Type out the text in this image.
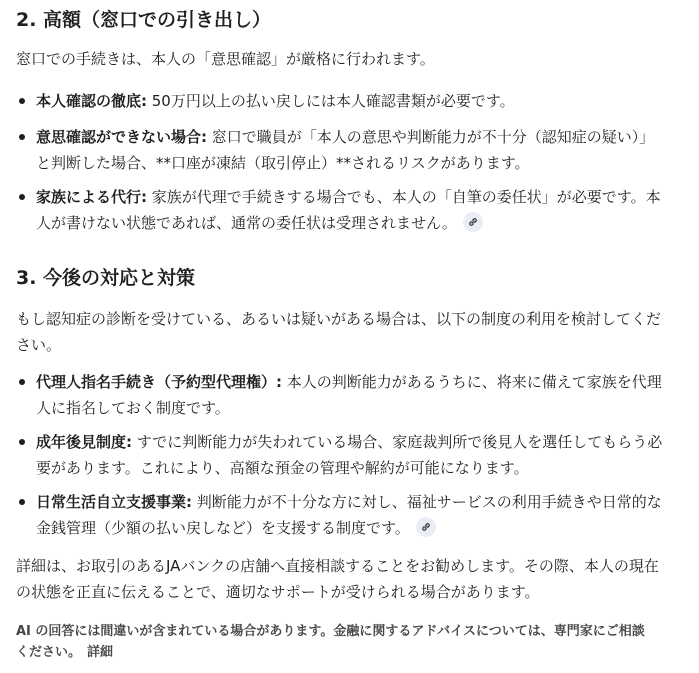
2. 高額（窓口での引き出し）

窓口での手続きは、本人の「意思確認」が厳格に行われます。

本人確認の徹底: 50万円以上の払い戻しには本人確認書類が必要です。
意思確認ができない場合: 窓口で職員が「本人の意思や判断能力が不十分（認知症の疑い）」と判断した場合、**口座が凍結（取引停止）**されるリスクがあります。
家族による代行: 家族が代理で手続きする場合でも、本人の「自筆の委任状」が必要です。本人が書けない状態であれば、通常の委任状は受理されません。
3. 今後の対応と対策

もし認知症の診断を受けている、あるいは疑いがある場合は、以下の制度の利用を検討してください。

代理人指名手続き（予約型代理権）: 本人の判断能力があるうちに、将来に備えて家族を代理人に指名しておく制度です。
成年後見制度: すでに判断能力が失われている場合、家庭裁判所で後見人を選任してもらう必要があります。これにより、高額な預金の管理や解約が可能になります。
日常生活自立支援事業: 判断能力が不十分な方に対し、福祉サービスの利用手続きや日常的な金銭管理（少額の払い戻しなど）を支援する制度です。

詳細は、お取引のあるJAバンクの店舗へ直接相談することをお勧めします。その際、本人の現在の状態を正直に伝えることで、適切なサポートが受けられる場合があります。

AI の回答には間違いが含まれている場合があります。金融に関するアドバイスについては、専門家にご相談ください。 詳細
